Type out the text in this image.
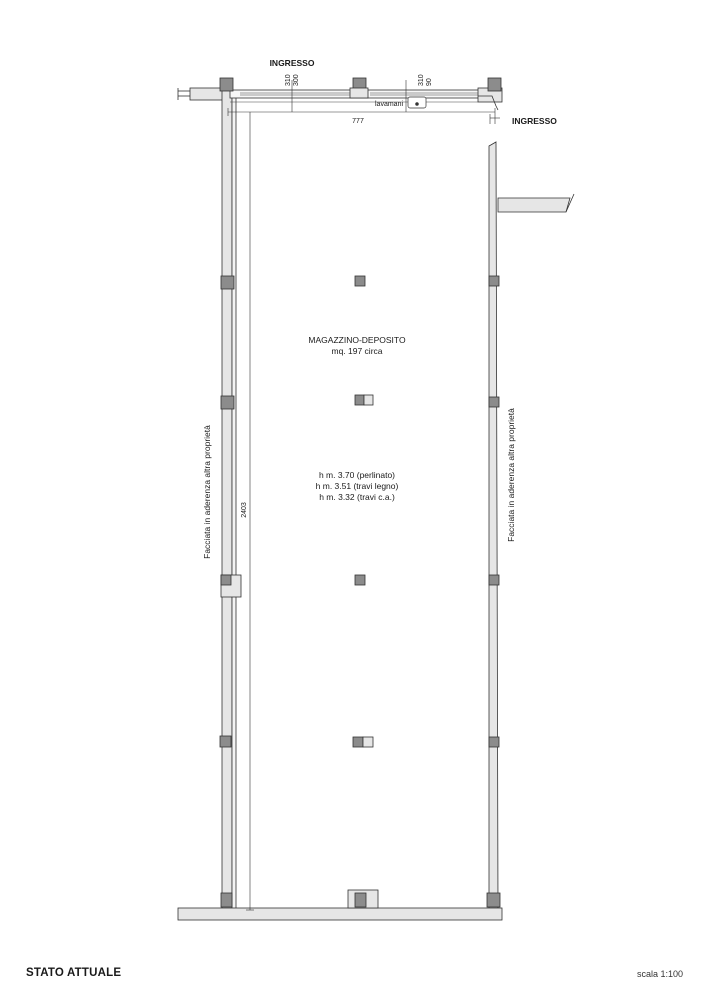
INGRESSO
INGRESSO
310 300	310 90
lavamani
777
2403
MAGAZZINO-DEPOSITO
mq. 197 circa
h m. 3.70 (perlinato)
h m. 3.51 (travi legno)
h m. 3.32 (travi c.a.)
Facciata in aderenza altra proprietà	Facciata in aderenza altra proprietà
STATO ATTUALE	scala 1:100
